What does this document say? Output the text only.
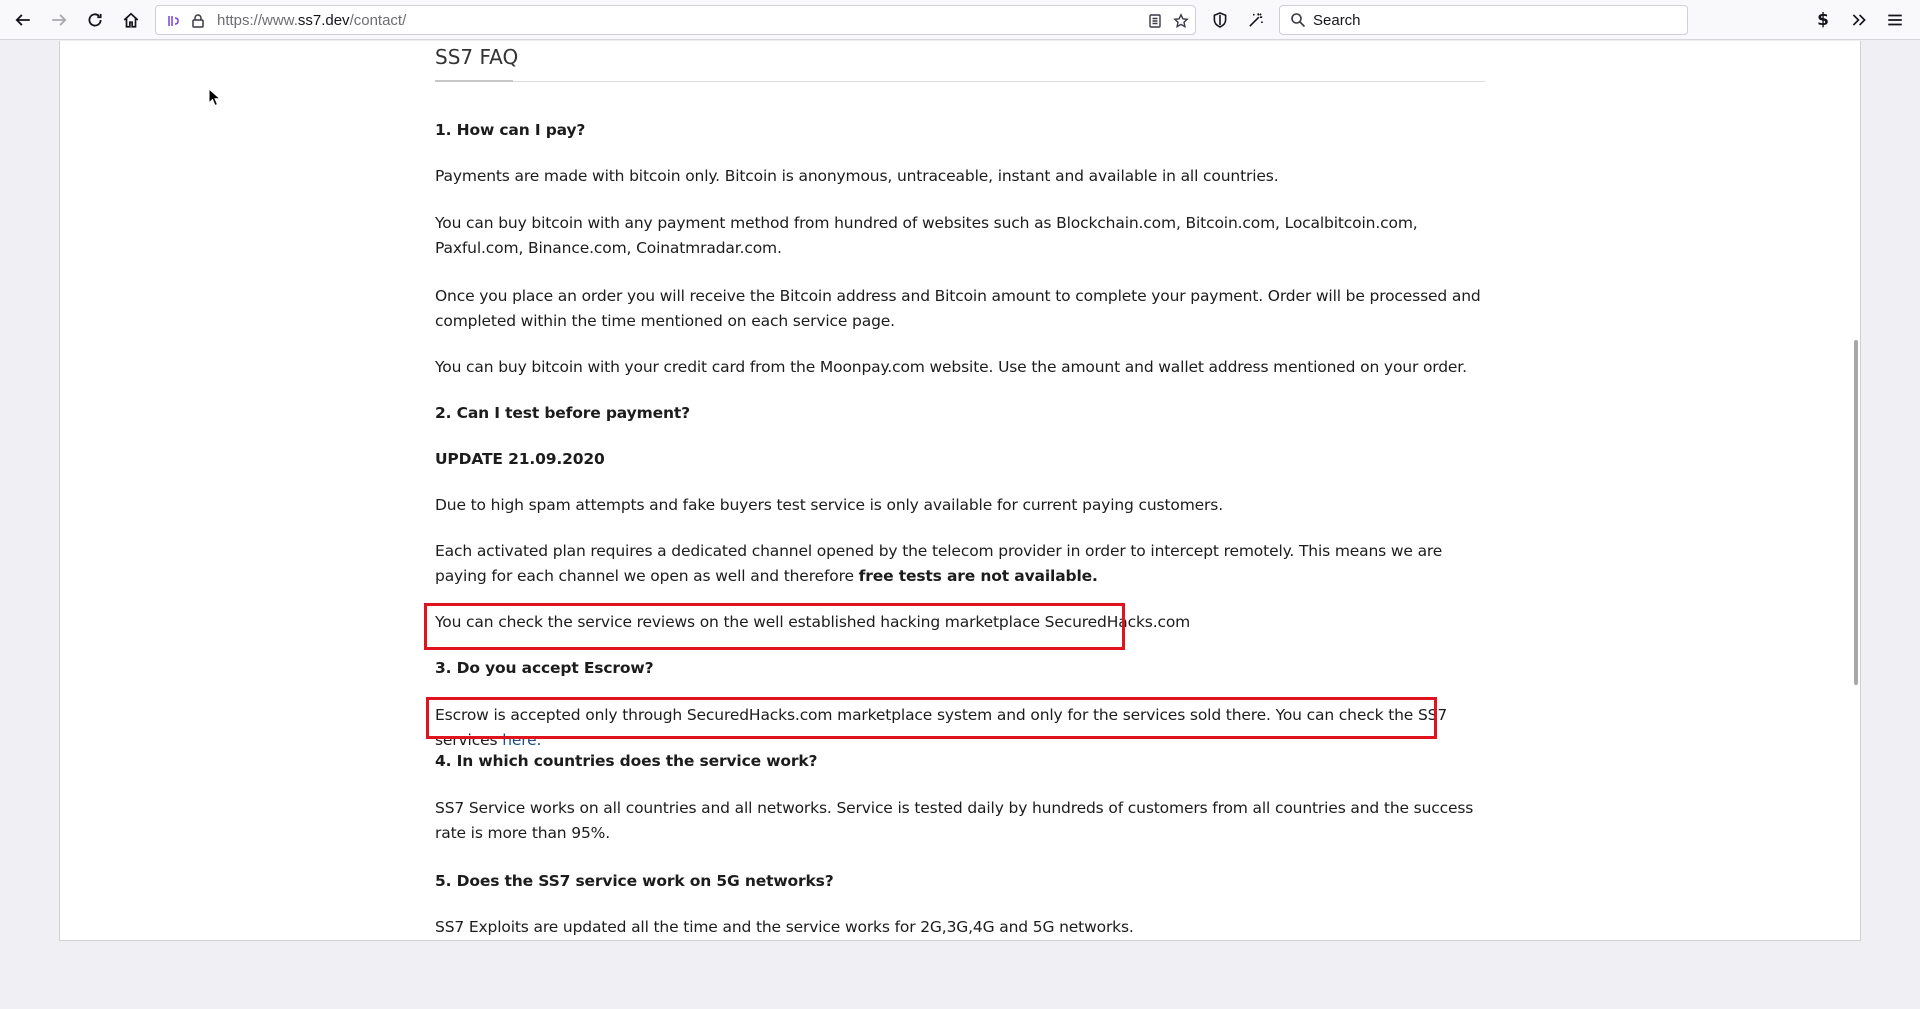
https://www.ss7.dev/contact/	Search	$
SS7 FAQ
1. How can I pay?
Payments are made with bitcoin only. Bitcoin is anonymous, untraceable, instant and available in all countries.
You can buy bitcoin with any payment method from hundred of websites such as Blockchain.com, Bitcoin.com, Localbitcoin.com, Paxful.com, Binance.com, Coinatmradar.com.
Once you place an order you will receive the Bitcoin address and Bitcoin amount to complete your payment. Order will be processed and completed within the time mentioned on each service page.
You can buy bitcoin with your credit card from the Moonpay.com website. Use the amount and wallet address mentioned on your order.
2. Can I test before payment?
UPDATE 21.09.2020
Due to high spam attempts and fake buyers test service is only available for current paying customers.
Each activated plan requires a dedicated channel opened by the telecom provider in order to intercept remotely. This means we are paying for each channel we open as well and therefore free tests are not available.
You can check the service reviews on the well established hacking marketplace SecuredHacks.com
3. Do you accept Escrow?
Escrow is accepted only through SecuredHacks.com marketplace system and only for the services sold there. You can check the SS7 services here.
4. In which countries does the service work?
SS7 Service works on all countries and all networks. Service is tested daily by hundreds of customers from all countries and the success rate is more than 95%.
5. Does the SS7 service work on 5G networks?
SS7 Exploits are updated all the time and the service works for 2G,3G,4G and 5G networks.
